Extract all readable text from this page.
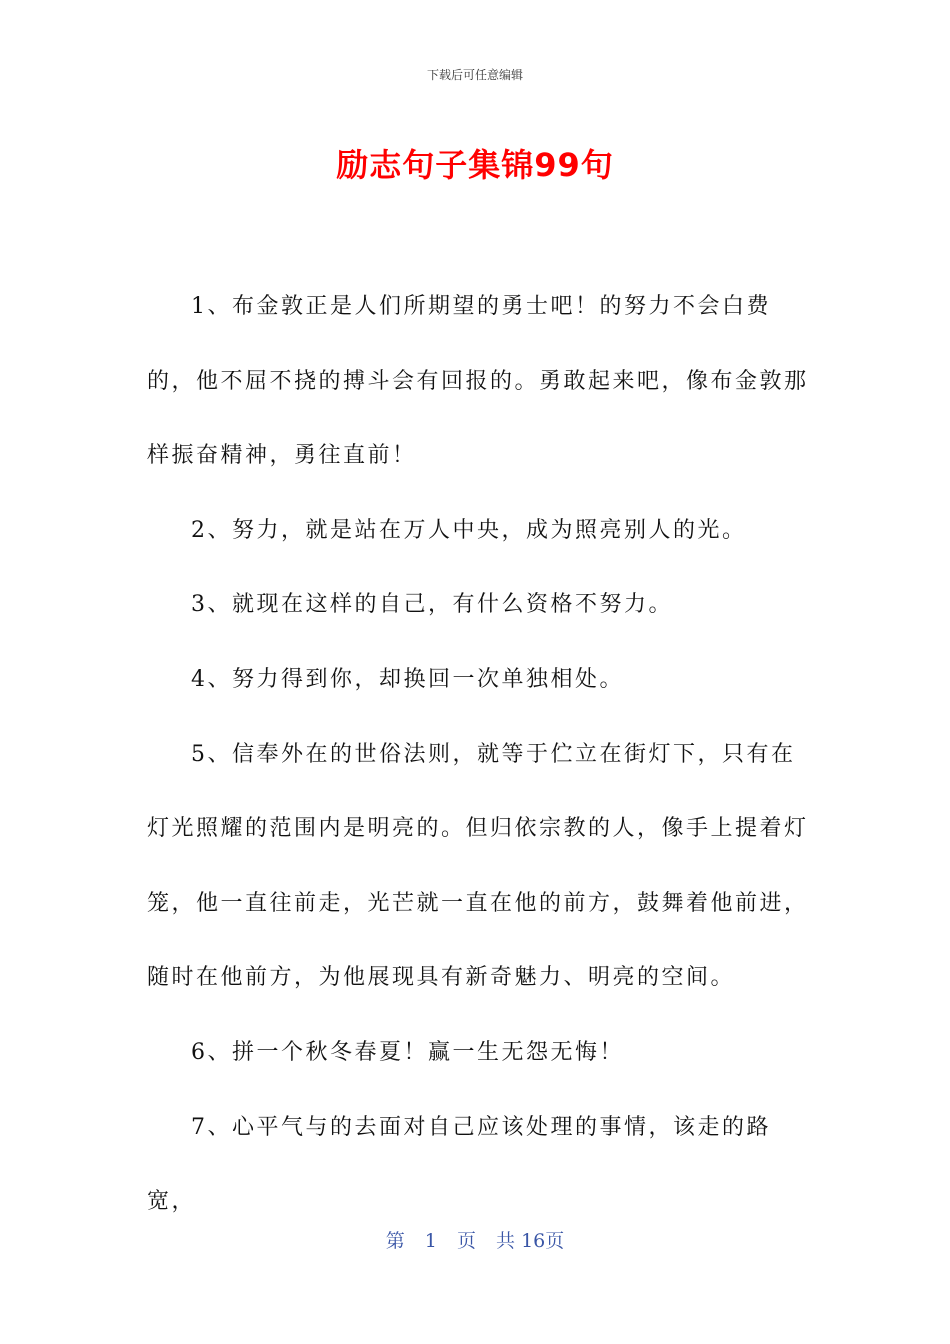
下载后可任意编辑
励志句子集锦99句

1、布金敦正是人们所期望的勇士吧！的努力不会白费的，他不屈不挠的搏斗会有回报的。勇敢起来吧，像布金敦那样振奋精神，勇往直前！

2、努力，就是站在万人中央，成为照亮别人的光。

3、就现在这样的自己，有什么资格不努力。

4、努力得到你，却换回一次单独相处。

5、信奉外在的世俗法则，就等于伫立在街灯下，只有在灯光照耀的范围内是明亮的。但归依宗教的人，像手上提着灯笼，他一直往前走，光芒就一直在他的前方，鼓舞着他前进，随时在他前方，为他展现具有新奇魅力、明亮的空间。

6、拼一个秋冬春夏！赢一生无怨无悔！

7、心平气与的去面对自己应该处理的事情，该走的路宽，

第 1 页 共 16页
